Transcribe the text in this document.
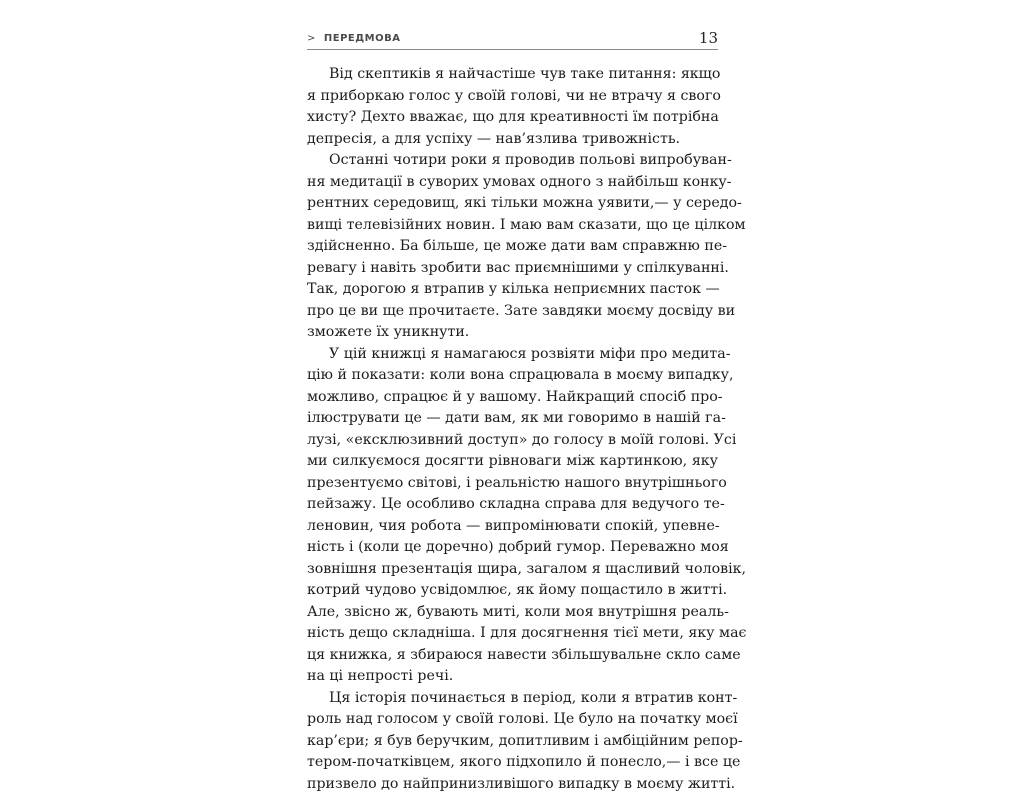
> ПЕРЕДМОВА	13
Від скептиків я найчастіше чув таке питання: якщо
я приборкаю голос у своїй голові, чи не втрачу я свого
хисту? Дехто вважає, що для креативності їм потрібна
депресія, а для успіху — нав’язлива тривожність.
Останні чотири роки я проводив польові випробуван-
ня медитації в суворих умовах одного з найбільш конку-
рентних середовищ, які тільки можна уявити,— у середо-
вищі телевізійних новин. І маю вам сказати, що це цілком
здійсненно. Ба більше, це може дати вам справжню пе-
ревагу і навіть зробити вас приємнішими у спілкуванні.
Так, дорогою я втрапив у кілька неприємних пасток —
про це ви ще прочитаєте. Зате завдяки моєму досвіду ви
зможете їх уникнути.
У цій книжці я намагаюся розвіяти міфи про медита-
цію й показати: коли вона спрацювала в моєму випадку,
можливо, спрацює й у вашому. Найкращий спосіб про-
ілюструвати це — дати вам, як ми говоримо в нашій га-
лузі, «ексклюзивний доступ» до голосу в моїй голові. Усі
ми силкуємося досягти рівноваги між картинкою, яку
презентуємо світові, і реальністю нашого внутрішнього
пейзажу. Це особливо складна справа для ведучого те-
леновин, чия робота — випромінювати спокій, упевне-
ність і (коли це доречно) добрий гумор. Переважно моя
зовнішня презентація щира, загалом я щасливий чоловік,
котрий чудово усвідомлює, як йому пощастило в житті.
Але, звісно ж, бувають миті, коли моя внутрішня реаль-
ність дещо складніша. І для досягнення тієї мети, яку має
ця книжка, я збираюся навести збільшувальне скло саме
на ці непрості речі.
Ця історія починається в період, коли я втратив конт-
роль над голосом у своїй голові. Це було на початку моєї
кар’єри; я був беручким, допитливим і амбіційним репор-
тером-початківцем, якого підхопило й понесло,— і все це
призвело до найпринизливішого випадку в моєму житті.
